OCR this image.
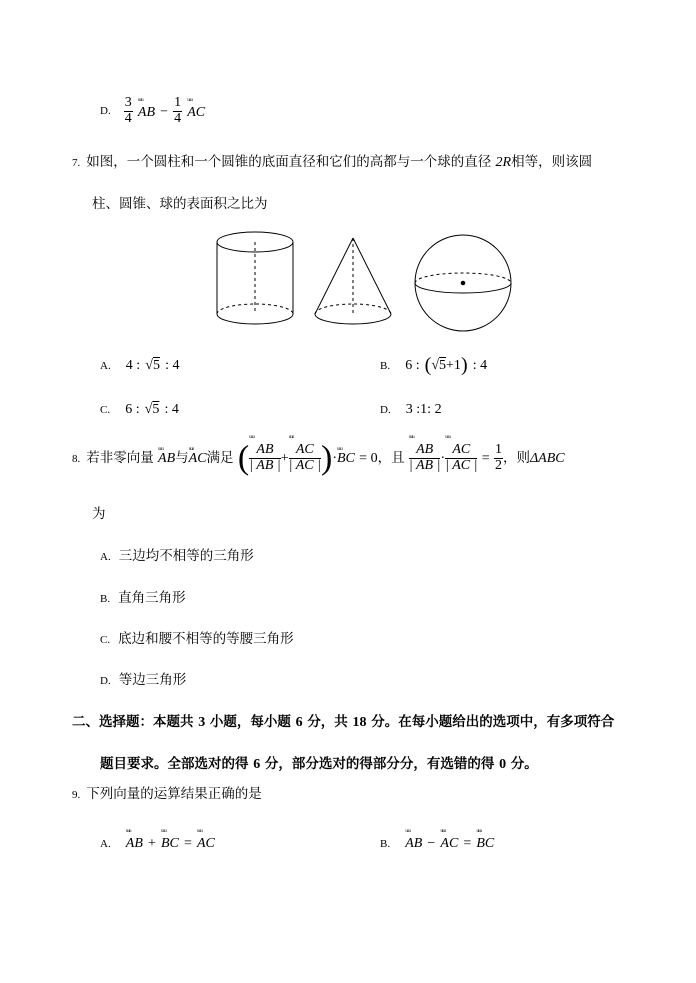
D. $\frac{3}{4}$ ᵘᵘᵘ AB − $\frac{1}{4}$ ᵘᵘᵘ AC
7. 如图，一个圆柱和一个圆锥的底面直径和它们的高都与一个球的直径 2R相等，则该圆
柱、圆锥、球的表面积之比为
A. 4 : √5 : 4	B. 6 : (√5+1) : 4
C. 6 : √5 : 4	D. 3 :1: 2
8. 若非零向量 ᵘᵘᵘ AB与ᵘᵘᵘ AC满足 ( ᵘᵘᵘ $\frac{AB}{| AB |}$ + ᵘᵘᵘ $\frac{AC}{| AC |}$ )·ᵘᵘᵘ BC = 0，且 ᵘᵘᵘ $\frac{AB}{| AB |}$ · ᵘᵘᵘ $\frac{AC}{| AC |} = \frac{1}{2}$ ，则ΔABC
为
A. 三边均不相等的三角形
B. 直角三角形
C. 底边和腰不相等的等腰三角形
D. 等边三角形
二、选择题：本题共 3 小题，每小题 6 分，共 18 分。在每小题给出的选项中，有多项符合
题目要求。全部选对的得 6 分，部分选对的得部分分，有选错的得 0 分。
9. 下列向量的运算结果正确的是
A. ᵘᵘᵘ AB + ᵘᵘᵘ BC = ᵘᵘᵘ AC	B. ᵘᵘᵘ AB − ᵘᵘᵘ AC = ᵘᵘᵘ BC
